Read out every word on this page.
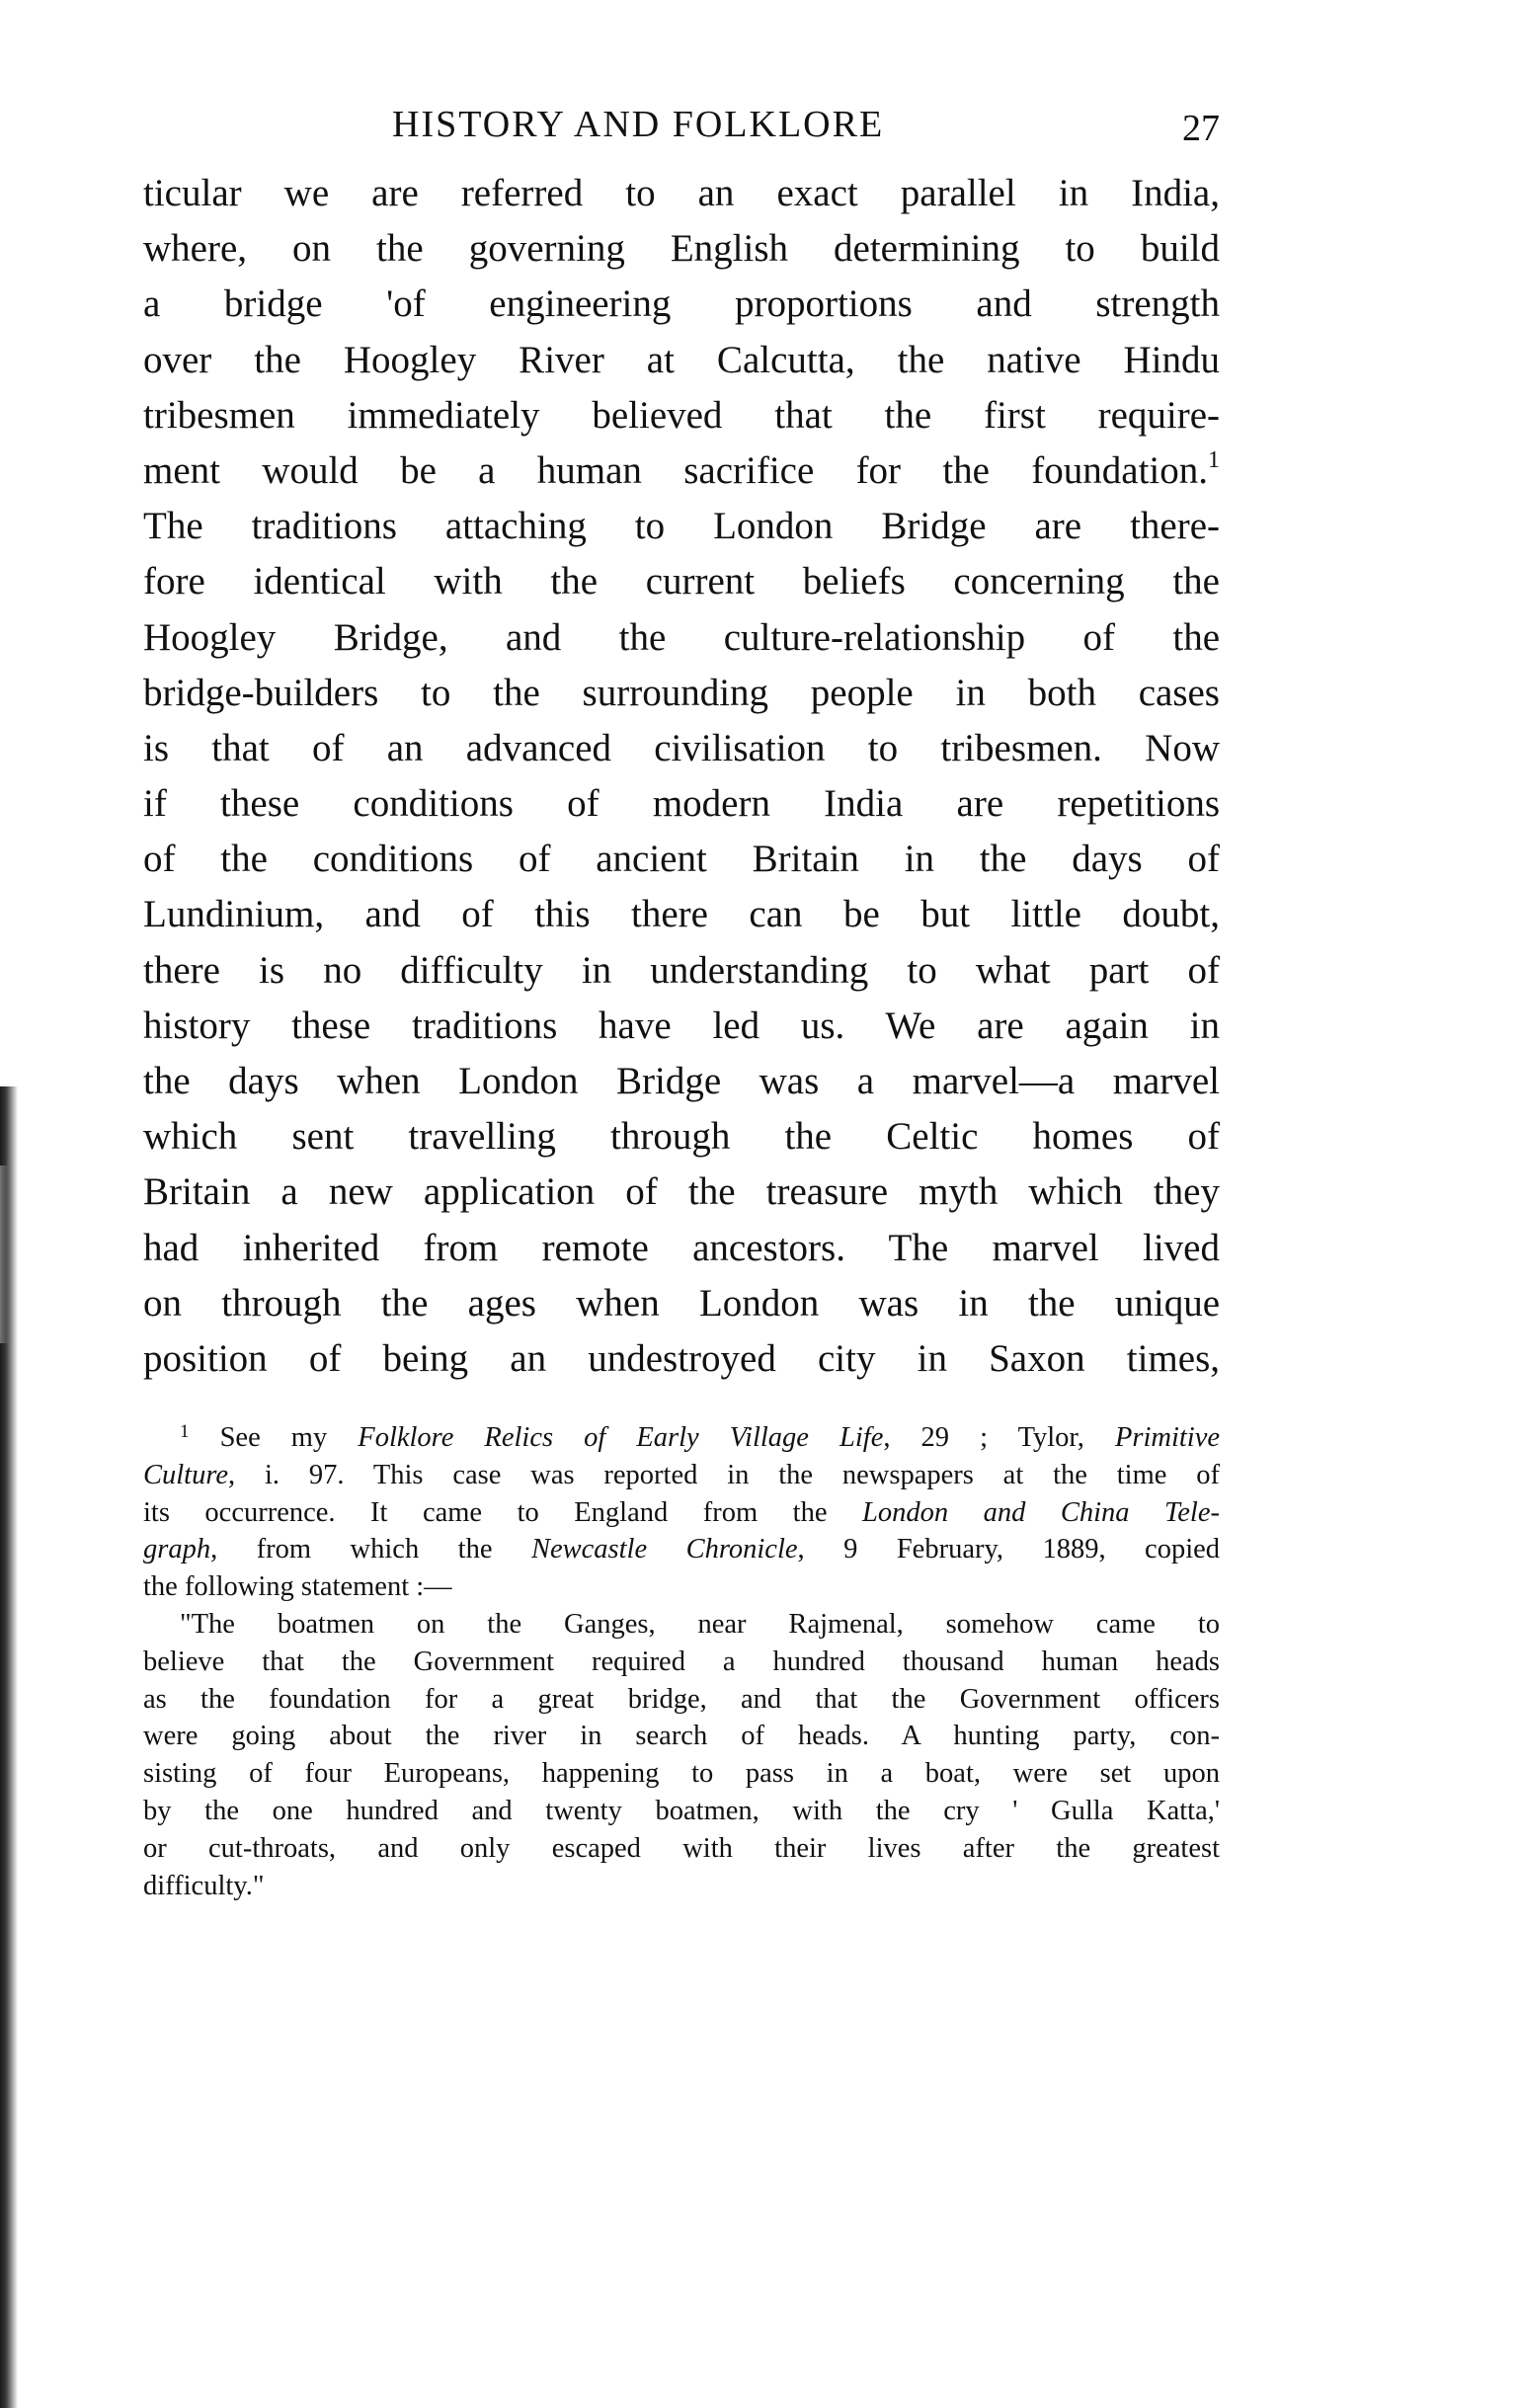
HISTORY AND FOLKLORE	27
ticular we are referred to an exact parallel in India,
where, on the governing English determining to build
a bridge 'of engineering proportions and strength
over the Hoogley River at Calcutta, the native Hindu
tribesmen immediately believed that the first require-
ment would be a human sacrifice for the foundation.$^1$
The traditions attaching to London Bridge are there-
fore identical with the current beliefs concerning the
Hoogley Bridge, and the culture-relationship of the
bridge-builders to the surrounding people in both cases
is that of an advanced civilisation to tribesmen. Now
if these conditions of modern India are repetitions
of the conditions of ancient Britain in the days of
Lundinium, and of this there can be but little doubt,
there is no difficulty in understanding to what part of
history these traditions have led us. We are again in
the days when London Bridge was a marvel—a marvel
which sent travelling through the Celtic homes of
Britain a new application of the treasure myth which they
had inherited from remote ancestors. The marvel lived
on through the ages when London was in the unique
position of being an undestroyed city in Saxon times,
$^1$ See my Folklore Relics of Early Village Life, 29 ; Tylor, Primitive
Culture, i. 97. This case was reported in the newspapers at the time of
its occurrence. It came to England from the London and China Tele-
graph, from which the Newcastle Chronicle, 9 February, 1889, copied
the following statement :—
"The boatmen on the Ganges, near Rajmenal, somehow came to
believe that the Government required a hundred thousand human heads
as the foundation for a great bridge, and that the Government officers
were going about the river in search of heads. A hunting party, con-
sisting of four Europeans, happening to pass in a boat, were set upon
by the one hundred and twenty boatmen, with the cry ' Gulla Katta,'
or cut-throats, and only escaped with their lives after the greatest
difficulty."
